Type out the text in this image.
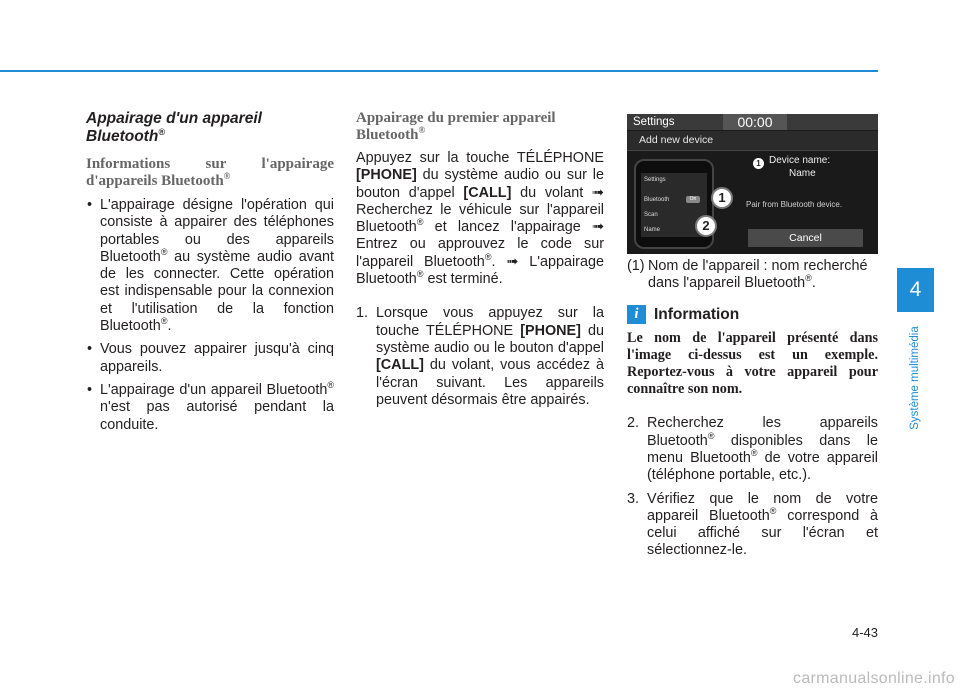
Appairage d'un appareil Bluetooth®
Informations sur l'appairage
d'appareils Bluetooth®
• L'appairage désigne l'opération qui consiste à appairer des téléphones portables ou des appareils Bluetooth® au système audio avant de les connecter. Cette opération est indispensable pour la connexion et l'utilisation de la fonction Bluetooth®.
• Vous pouvez appairer jusqu'à cinq appareils.
• L'appairage d'un appareil Bluetooth® n'est pas autorisé pendant la conduite.
Appairage du premier appareil
Bluetooth®
Appuyez sur la touche TÉLÉPHONE [PHONE] du système audio ou sur le bouton d'appel [CALL] du volant ➟ Recherchez le véhicule sur l'appareil Bluetooth® et lancez l'appairage ➟ Entrez ou approuvez le code sur l'appareil Bluetooth®. ➟ L'appairage Bluetooth® est terminé.
1. Lorsque vous appuyez sur la touche TÉLÉPHONE [PHONE] du système audio ou le bouton d'appel [CALL] du volant, vous accédez à l'écran suivant. Les appareils peuvent désormais être appairés.
Settings	00:00
Add new device
Settings
Bluetooth	On
Scan
Name
1
2
1 Device name:
Name
Pair from Bluetooth device.
Cancel
(1) Nom de l'appareil : nom recherché dans l'appareil Bluetooth®.
i Information
Le nom de l'appareil présenté dans l'image ci-dessus est un exemple. Reportez-vous à votre appareil pour connaître son nom.
2. Recherchez les appareils Bluetooth® disponibles dans le menu Bluetooth® de votre appareil (téléphone portable, etc.).
3. Vérifiez que le nom de votre appareil Bluetooth® correspond à celui affiché sur l'écran et sélectionnez-le.
4
Système multimédia
4-43
carmanualsonline.info
